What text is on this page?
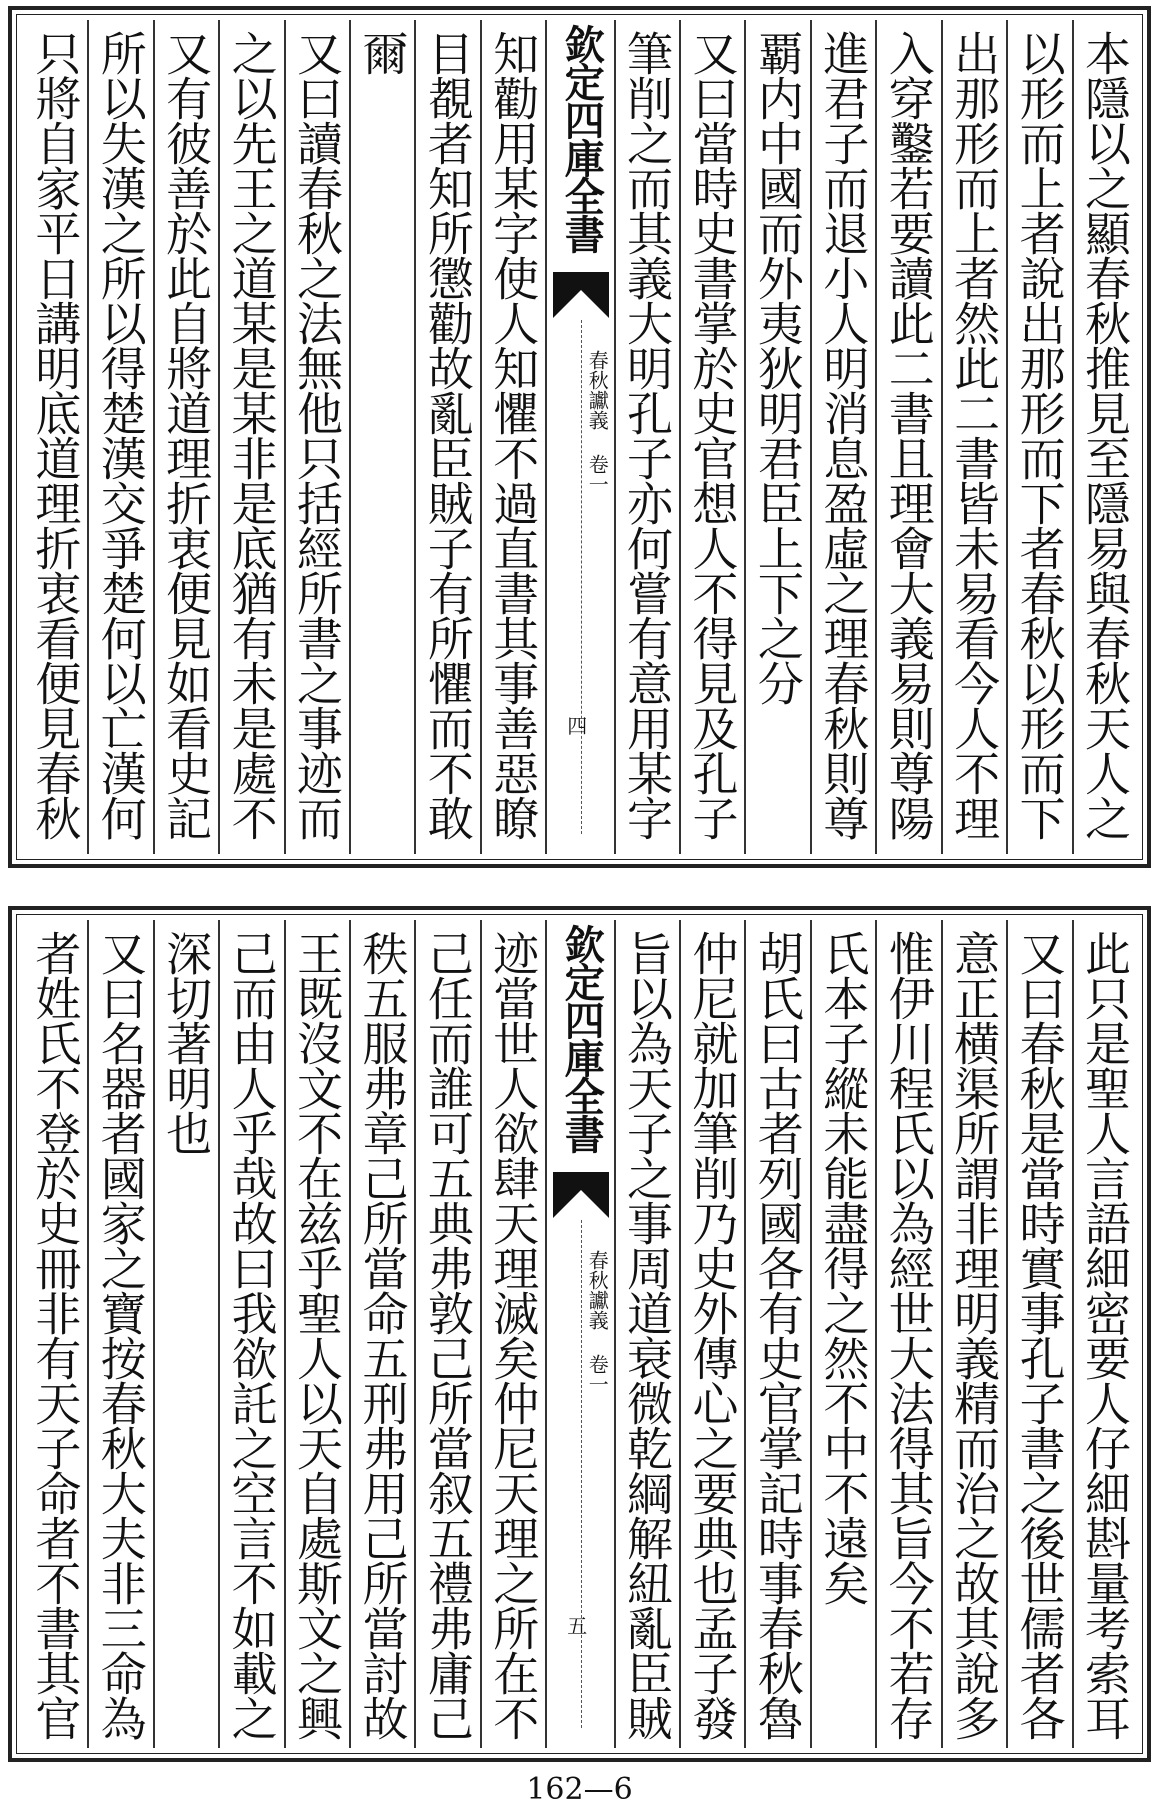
本隱以之顯春秋推見至隱易與春秋天人之
以形而上者說出那形而下者春秋以形而下
出那形而上者然此二書皆未易看今人不理
入穿鑿若要讀此二書且理會大義易則尊陽
進君子而退小人明消息盈虛之理春秋則尊
覇内中國而外夷狄明君臣上下之分
又曰當時史書掌於史官想人不得見及孔子
筆削之而其義大明孔子亦何嘗有意用某字
欽定四庫全書
春秋讞義 卷一
四
知勸用某字使人知懼不過直書其事善惡瞭
目覩者知所懲勸故亂臣賊子有所懼而不敢
爾
又曰讀春秋之法無他只括經所書之事迹而
之以先王之道某是某非是底猶有未是處不
又有彼善於此自將道理折衷便見如看史記
所以失漢之所以得楚漢交爭楚何以亡漢何
只將自家平日講明底道理折衷看便見春秋
此只是聖人言語細密要人仔細斟量考索耳
又曰春秋是當時實事孔子書之後世儒者各
意正横渠所謂非理明義精而治之故其說多
惟伊川程氏以為經世大法得其旨今不若存
氏本子縱未能盡得之然不中不遠矣
胡氏曰古者列國各有史官掌記時事春秋魯
仲尼就加筆削乃史外傳心之要典也孟子發
旨以為天子之事周道衰微乾綱解紐亂臣賊
欽定四庫全書
春秋讞義 卷一
五
迹當世人欲肆天理滅矣仲尼天理之所在不
己任而誰可五典弗敦己所當叙五禮弗庸己
秩五服弗章己所當命五刑弗用己所當討故
王既沒文不在兹乎聖人以天自處斯文之興
己而由人乎哉故曰我欲託之空言不如載之
深切著明也
又曰名器者國家之寶按春秋大夫非三命為
者姓氏不登於史冊非有天子命者不書其官
162—6
